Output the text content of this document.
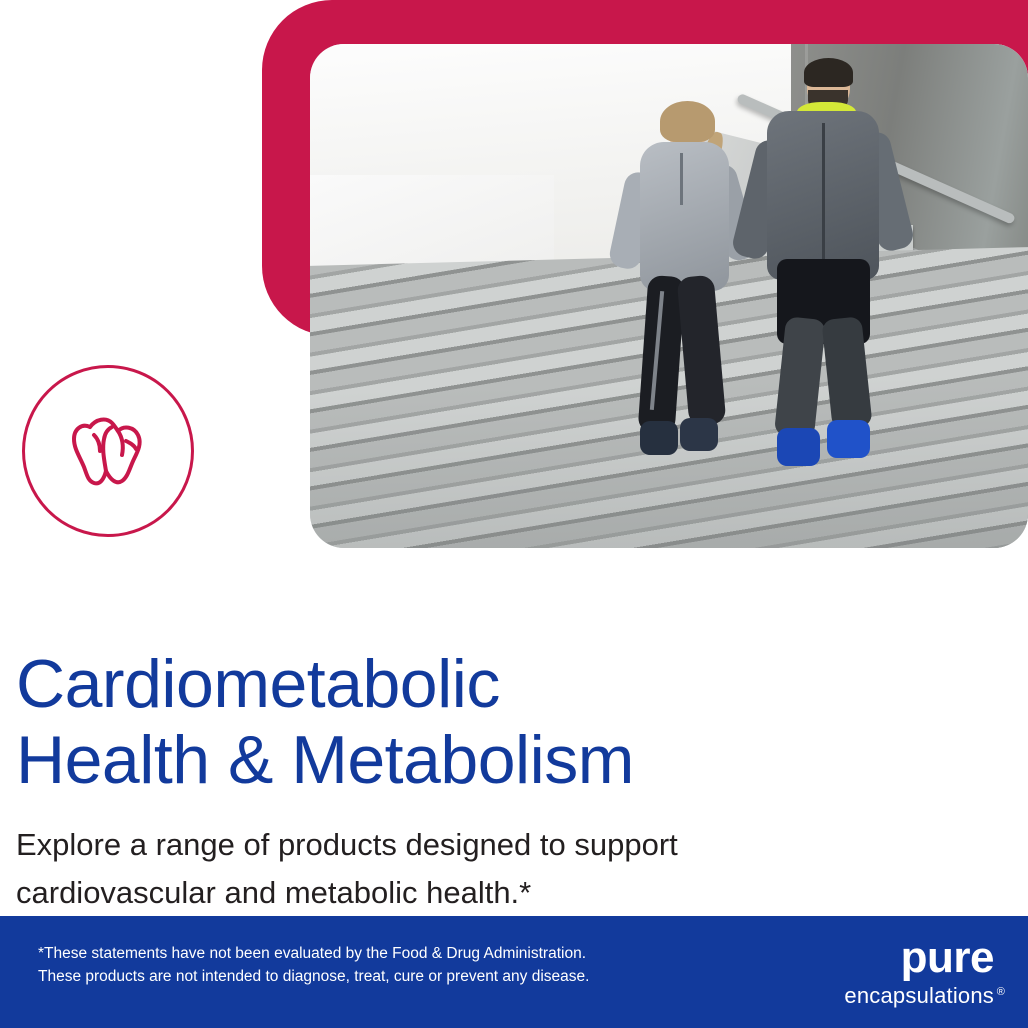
Cardiometabolic
Health & Metabolism

Explore a range of products designed to support
cardiovascular and metabolic health.*

*These statements have not been evaluated by the Food & Drug Administration.
These products are not intended to diagnose, treat, cure or prevent any disease.	pure
encapsulations ®
